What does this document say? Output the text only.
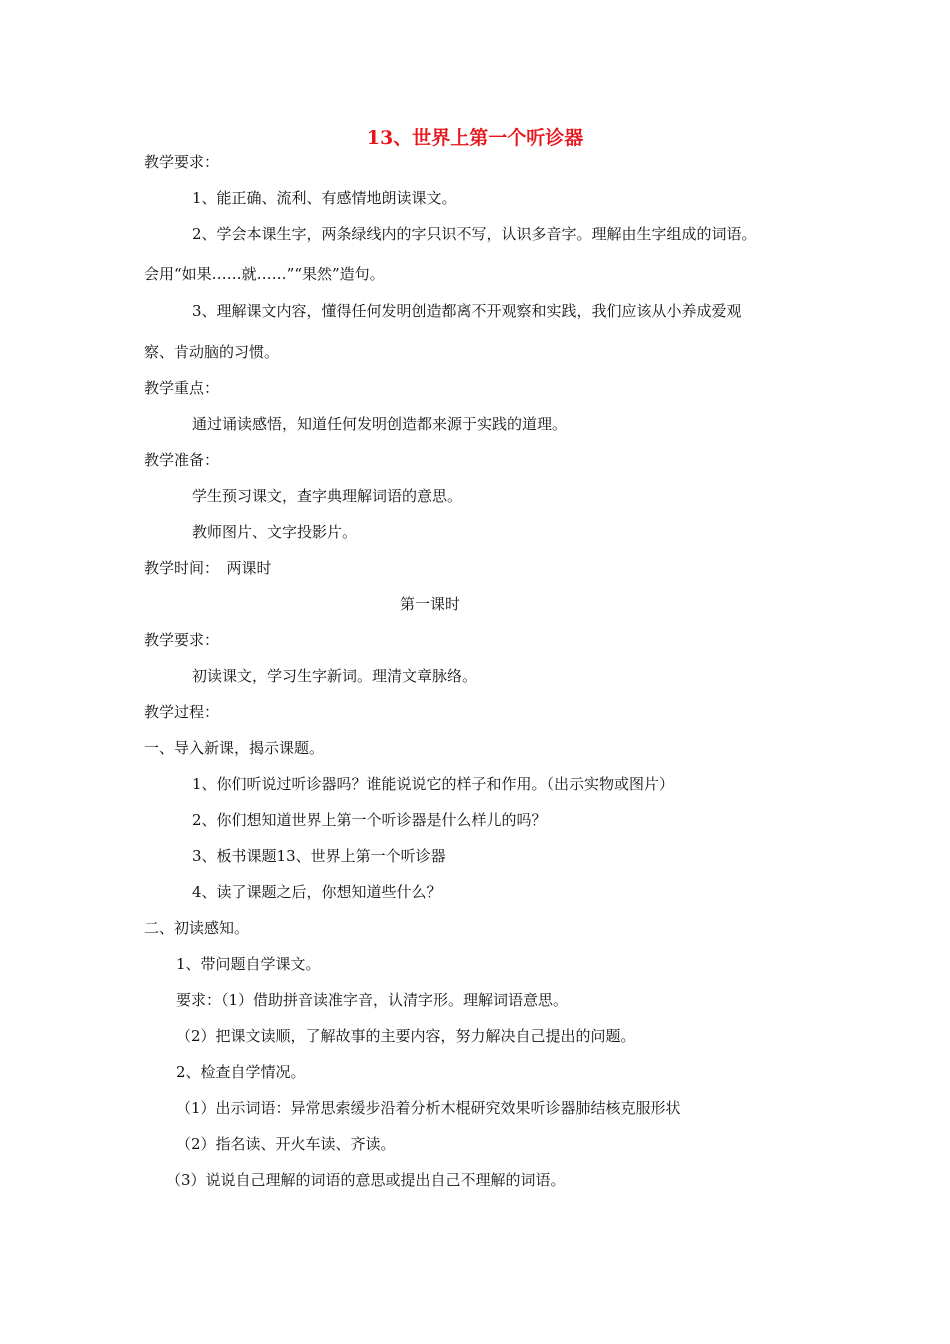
13、世界上第一个听诊器
教学要求：
1、能正确、流利、有感情地朗读课文。
2、学会本课生字，两条绿线内的字只识不写，认识多音字。理解由生字组成的词语。
会用“如果……就……”“果然”造句。
3、理解课文内容，懂得任何发明创造都离不开观察和实践，我们应该从小养成爱观
察、肯动脑的习惯。
教学重点：
通过诵读感悟，知道任何发明创造都来源于实践的道理。
教学准备：
学生预习课文，查字典理解词语的意思。
教师图片、文字投影片。
教学时间：　两课时
第一课时
教学要求：
初读课文，学习生字新词。理清文章脉络。
教学过程：
一、导入新课，揭示课题。
1、你们听说过听诊器吗？谁能说说它的样子和作用。（出示实物或图片）
2、你们想知道世界上第一个听诊器是什么样儿的吗？
3、板书课题13、世界上第一个听诊器
4、读了课题之后，你想知道些什么？
二、初读感知。
1、带问题自学课文。
要求：（1）借助拼音读准字音，认清字形。理解词语意思。
（2）把课文读顺，了解故事的主要内容，努力解决自己提出的问题。
2、检查自学情况。
（1）出示词语：异常思索缓步沿着分析木棍研究效果听诊器肺结核克服形状
（2）指名读、开火车读、齐读。
（3）说说自己理解的词语的意思或提出自己不理解的词语。
